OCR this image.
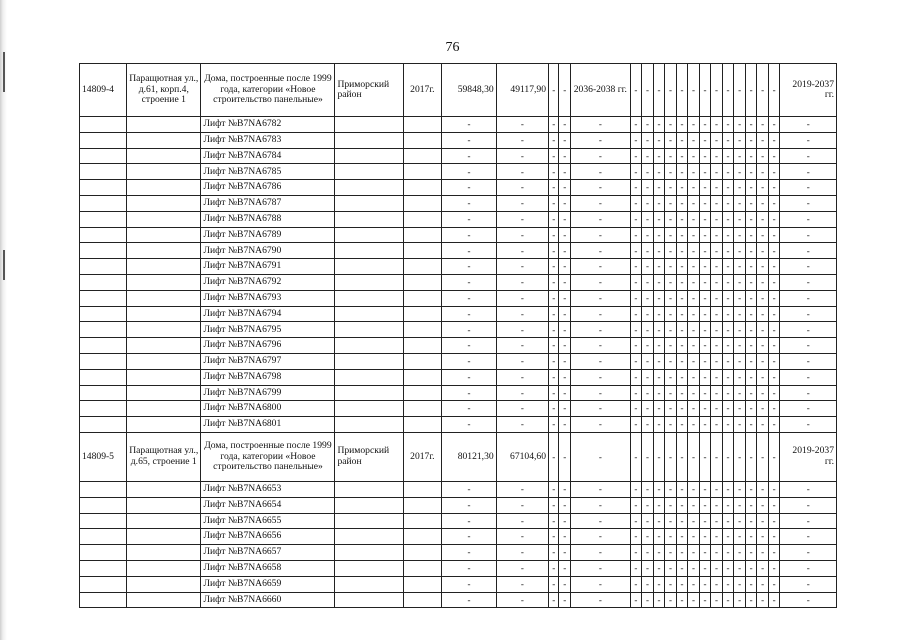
76
14809-4	Паращютная ул., д.61, корп.4, строение 1	Дома, построенные после 1999 года, категории «Новое строительство панельные»	Приморский район	2017г.	59848,30	49117,90	-	-	2036-2038 гг.	-	-	-	-	-	-	-	-	-	-	-	-	-	2019-2037 гг.
		Лифт №B7NA6782			-	-	-	-	-	-	-	-	-	-	-	-	-	-	-	-	-	-	-
		Лифт №B7NA6783			-	-	-	-	-	-	-	-	-	-	-	-	-	-	-	-	-	-	-
		Лифт №B7NA6784			-	-	-	-	-	-	-	-	-	-	-	-	-	-	-	-	-	-	-
		Лифт №B7NA6785			-	-	-	-	-	-	-	-	-	-	-	-	-	-	-	-	-	-	-
		Лифт №B7NA6786			-	-	-	-	-	-	-	-	-	-	-	-	-	-	-	-	-	-	-
		Лифт №B7NA6787			-	-	-	-	-	-	-	-	-	-	-	-	-	-	-	-	-	-	-
		Лифт №B7NA6788			-	-	-	-	-	-	-	-	-	-	-	-	-	-	-	-	-	-	-
		Лифт №B7NA6789			-	-	-	-	-	-	-	-	-	-	-	-	-	-	-	-	-	-	-
		Лифт №B7NA6790			-	-	-	-	-	-	-	-	-	-	-	-	-	-	-	-	-	-	-
		Лифт №B7NA6791			-	-	-	-	-	-	-	-	-	-	-	-	-	-	-	-	-	-	-
		Лифт №B7NA6792			-	-	-	-	-	-	-	-	-	-	-	-	-	-	-	-	-	-	-
		Лифт №B7NA6793			-	-	-	-	-	-	-	-	-	-	-	-	-	-	-	-	-	-	-
		Лифт №B7NA6794			-	-	-	-	-	-	-	-	-	-	-	-	-	-	-	-	-	-	-
		Лифт №B7NA6795			-	-	-	-	-	-	-	-	-	-	-	-	-	-	-	-	-	-	-
		Лифт №B7NA6796			-	-	-	-	-	-	-	-	-	-	-	-	-	-	-	-	-	-	-
		Лифт №B7NA6797			-	-	-	-	-	-	-	-	-	-	-	-	-	-	-	-	-	-	-
		Лифт №B7NA6798			-	-	-	-	-	-	-	-	-	-	-	-	-	-	-	-	-	-	-
		Лифт №B7NA6799			-	-	-	-	-	-	-	-	-	-	-	-	-	-	-	-	-	-	-
		Лифт №B7NA6800			-	-	-	-	-	-	-	-	-	-	-	-	-	-	-	-	-	-	-
		Лифт №B7NA6801			-	-	-	-	-	-	-	-	-	-	-	-	-	-	-	-	-	-	-
14809-5	Паращютная ул., д.65, строение 1	Дома, построенные после 1999 года, категории «Новое строительство панельные»	Приморский район	2017г.	80121,30	67104,60	-	-	-	-	-	-	-	-	-	-	-	-	-	-	-	-	2019-2037 гг.
		Лифт №B7NA6653			-	-	-	-	-	-	-	-	-	-	-	-	-	-	-	-	-	-	-
		Лифт №B7NA6654			-	-	-	-	-	-	-	-	-	-	-	-	-	-	-	-	-	-	-
		Лифт №B7NA6655			-	-	-	-	-	-	-	-	-	-	-	-	-	-	-	-	-	-	-
		Лифт №B7NA6656			-	-	-	-	-	-	-	-	-	-	-	-	-	-	-	-	-	-	-
		Лифт №B7NA6657			-	-	-	-	-	-	-	-	-	-	-	-	-	-	-	-	-	-	-
		Лифт №B7NA6658			-	-	-	-	-	-	-	-	-	-	-	-	-	-	-	-	-	-	-
		Лифт №B7NA6659			-	-	-	-	-	-	-	-	-	-	-	-	-	-	-	-	-	-	-
		Лифт №B7NA6660			-	-	-	-	-	-	-	-	-	-	-	-	-	-	-	-	-	-	-
